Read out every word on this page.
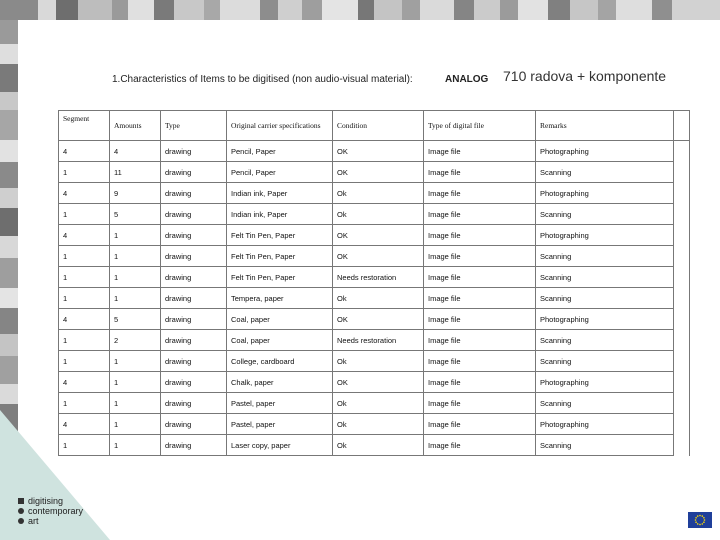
1.Characteristics of Items to be digitised (non audio-visual material):	ANALOG 710 radova + komponente
Segment	Amounts	Type	Original carrier specifications	Condition	Type of digital file	Remarks	
4	4	drawing	Pencil, Paper	OK	Image file	Photographing	
1	11	drawing	Pencil, Paper	OK	Image file	Scanning	
4	9	drawing	Indian ink, Paper	Ok	Image file	Photographing	
1	5	drawing	Indian ink, Paper	Ok	Image file	Scanning	
4	1	drawing	Felt Tin Pen, Paper	OK	Image file	Photographing	
1	1	drawing	Felt Tin Pen, Paper	OK	Image file	Scanning	
1	1	drawing	Felt Tin Pen, Paper	Needs restoration	Image file	Scanning	
1	1	drawing	Tempera, paper	Ok	Image file	Scanning	
4	5	drawing	Coal, paper	OK	Image file	Photographing	
1	2	drawing	Coal, paper	Needs restoration	Image file	Scanning	
1	1	drawing	College, cardboard	Ok	Image file	Scanning	
4	1	drawing	Chalk, paper	OK	Image file	Photographing	
1	1	drawing	Pastel, paper	Ok	Image file	Scanning	
4	1	drawing	Pastel, paper	Ok	Image file	Photographing	
1	1	drawing	Laser copy, paper	Ok	Image file	Scanning	
digitising
contemporary
art
